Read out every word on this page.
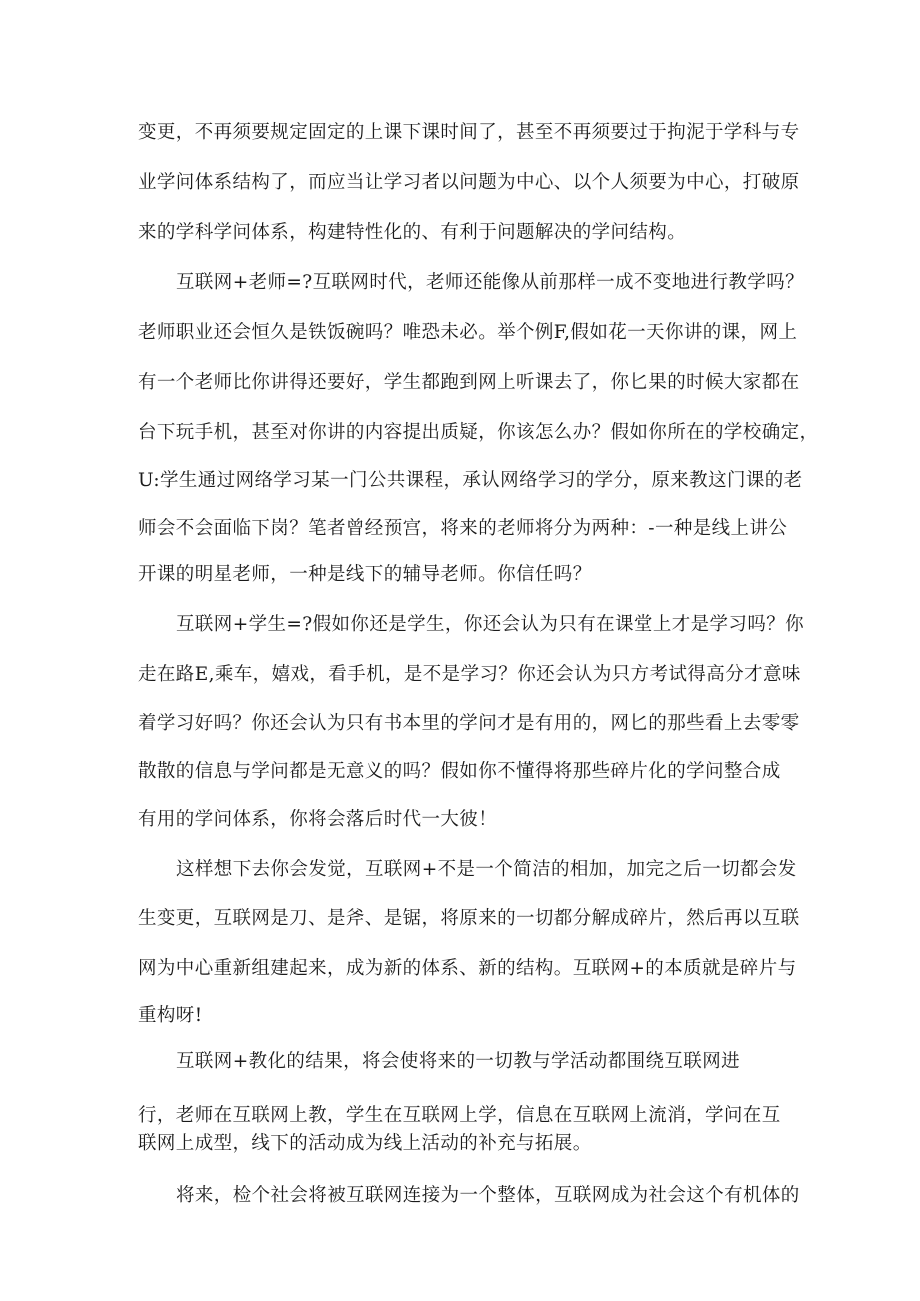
变更，不再须要规定固定的上课下课时间了，甚至不再须要过于拘泥于学科与专

业学问体系结构了，而应当让学习者以问题为中心、以个人须要为中心，打破原

来的学科学问体系，构建特性化的、有利于问题解决的学问结构。

互联网+老师=?互联网时代，老师还能像从前那样一成不变地进行教学吗？

老师职业还会恒久是铁饭碗吗？唯恐未必。举个例F,假如花一天你讲的课，网上

有一个老师比你讲得还要好，学生都跑到网上听课去了，你匕果的时候大家都在

台下玩手机，甚至对你讲的内容提出质疑，你该怎么办？假如你所在的学校确定，

U:学生通过网络学习某一门公共课程，承认网络学习的学分，原来教这门课的老

师会不会面临下岗？笔者曾经预宫，将来的老师将分为两种：-一种是线上讲公

开课的明星老师，一种是线下的辅导老师。你信任吗？

互联网+学生=?假如你还是学生，你还会认为只有在课堂上才是学习吗？你

走在路E,乘车，嬉戏，看手机，是不是学习？你还会认为只方考试得高分才意味

着学习好吗？你还会认为只有书本里的学问才是有用的，网匕的那些看上去零零

散散的信息与学问都是无意义的吗？假如你不懂得将那些碎片化的学问整合成

有用的学问体系，你将会落后时代一大彼！

这样想下去你会发觉，互联网+不是一个简洁的相加，加完之后一切都会发

生变更，互联网是刀、是斧、是锯，将原来的一切都分解成碎片，然后再以互联

网为中心重新组建起来，成为新的体系、新的结构。互联网+的本质就是碎片与

重构呀!

互联网+教化的结果，将会使将来的一切教与学活动都围绕互联网进

行，老师在互联网上教，学生在互联网上学，信息在互联网上流消，学问在互

联网上成型，线下的活动成为线上活动的补充与拓展。

将来，检个社会将被互联网连接为一个整体，互联网成为社会这个有机体的
